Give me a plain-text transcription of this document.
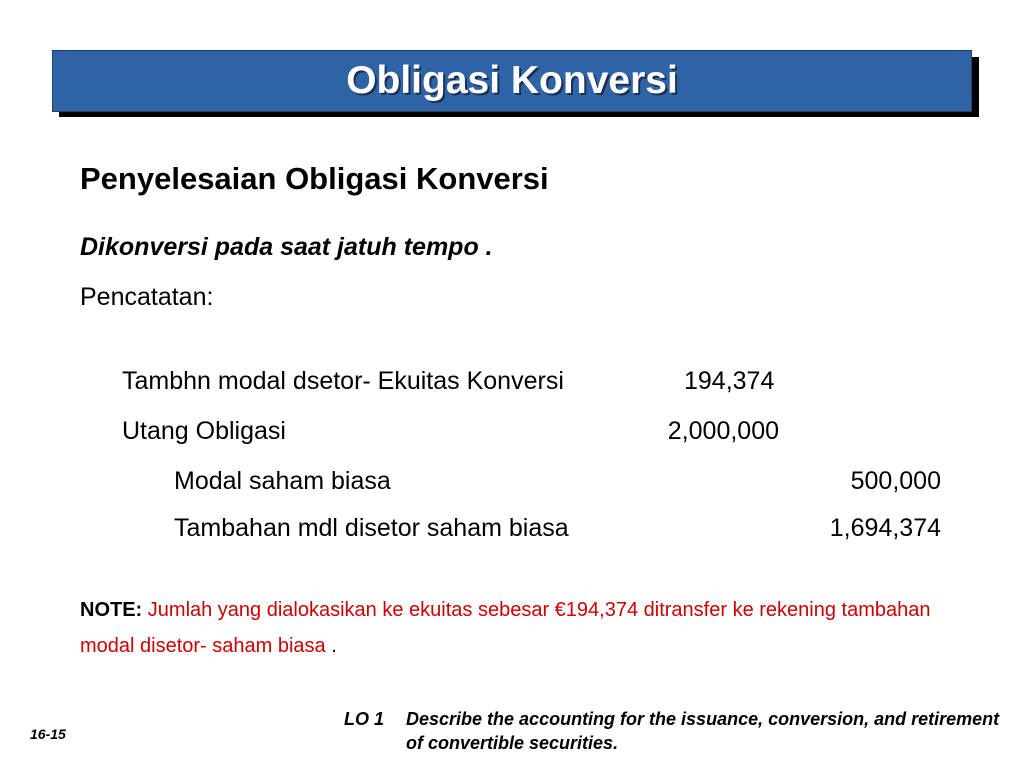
Obligasi Konversi
Penyelesaian Obligasi Konversi
Dikonversi pada saat jatuh tempo .
Pencatatan:
Tambhn modal dsetor- Ekuitas Konversi	194,374
Utang Obligasi	2,000,000
Modal saham biasa	500,000
Tambahan mdl disetor saham biasa	1,694,374
NOTE: Jumlah yang dialokasikan ke ekuitas sebesar €194,374 ditransfer ke rekening tambahan modal disetor- saham biasa .
16-15
LO 1	Describe the accounting for the issuance, conversion, and retirement of convertible securities.
